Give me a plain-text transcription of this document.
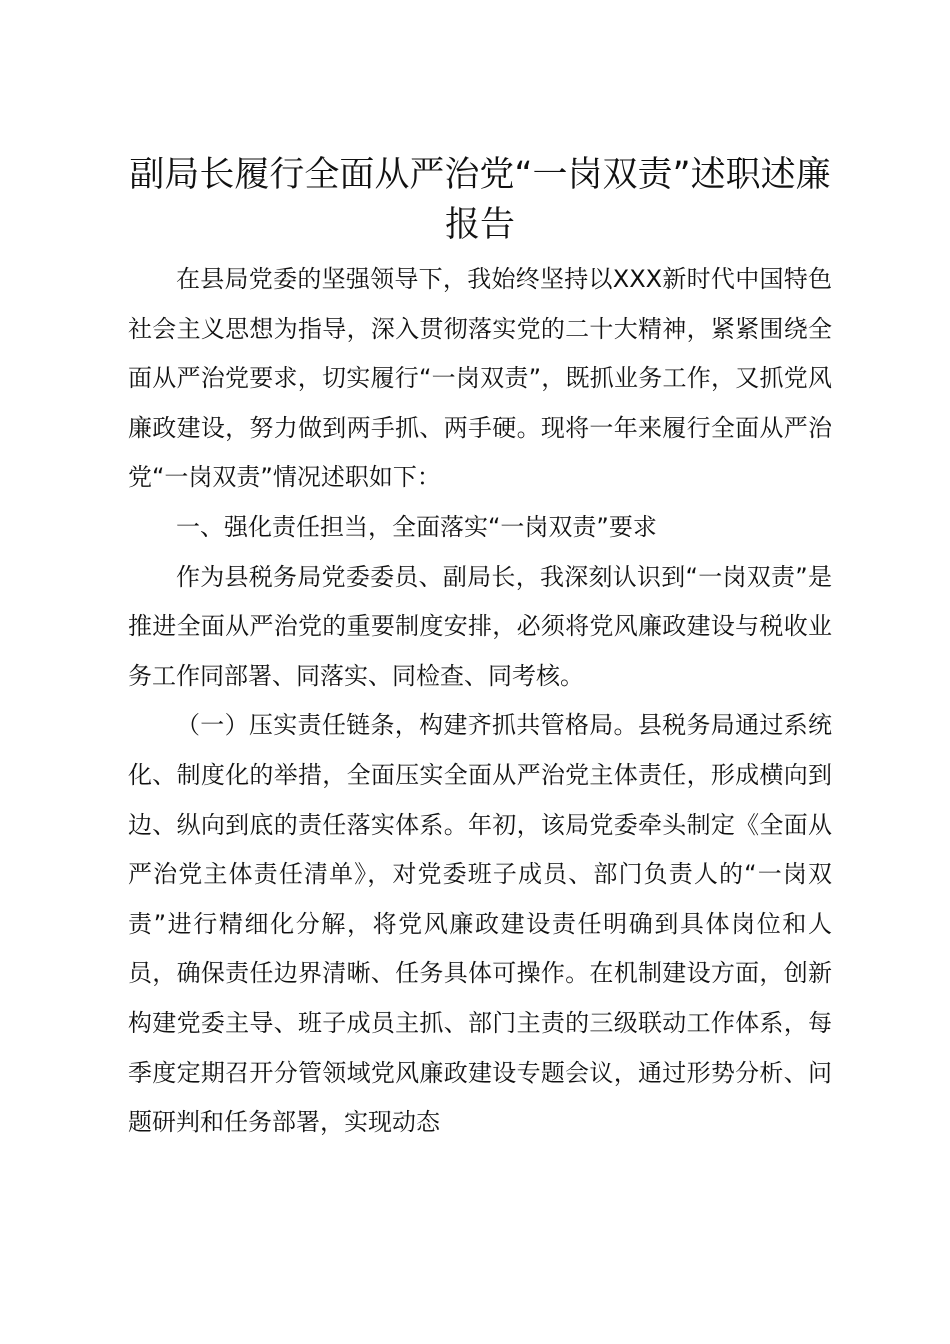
副局长履行全面从严治党“一岗双责”述职述廉报告

在县局党委的坚强领导下，我始终坚持以XXX新时代中国特色社会主义思想为指导，深入贯彻落实党的二十大精神，紧紧围绕全面从严治党要求，切实履行“一岗双责”，既抓业务工作，又抓党风廉政建设，努力做到两手抓、两手硬。现将一年来履行全面从严治党“一岗双责”情况述职如下：

一、强化责任担当，全面落实“一岗双责”要求

作为县税务局党委委员、副局长，我深刻认识到“一岗双责”是推进全面从严治党的重要制度安排，必须将党风廉政建设与税收业务工作同部署、同落实、同检查、同考核。

（一）压实责任链条，构建齐抓共管格局。县税务局通过系统化、制度化的举措，全面压实全面从严治党主体责任，形成横向到边、纵向到底的责任落实体系。年初，该局党委牵头制定《全面从严治党主体责任清单》，对党委班子成员、部门负责人的“一岗双责”进行精细化分解，将党风廉政建设责任明确到具体岗位和人员，确保责任边界清晰、任务具体可操作。在机制建设方面，创新构建党委主导、班子成员主抓、部门主责的三级联动工作体系，每季度定期召开分管领域党风廉政建设专题会议，通过形势分析、问题研判和任务部署，实现动态
